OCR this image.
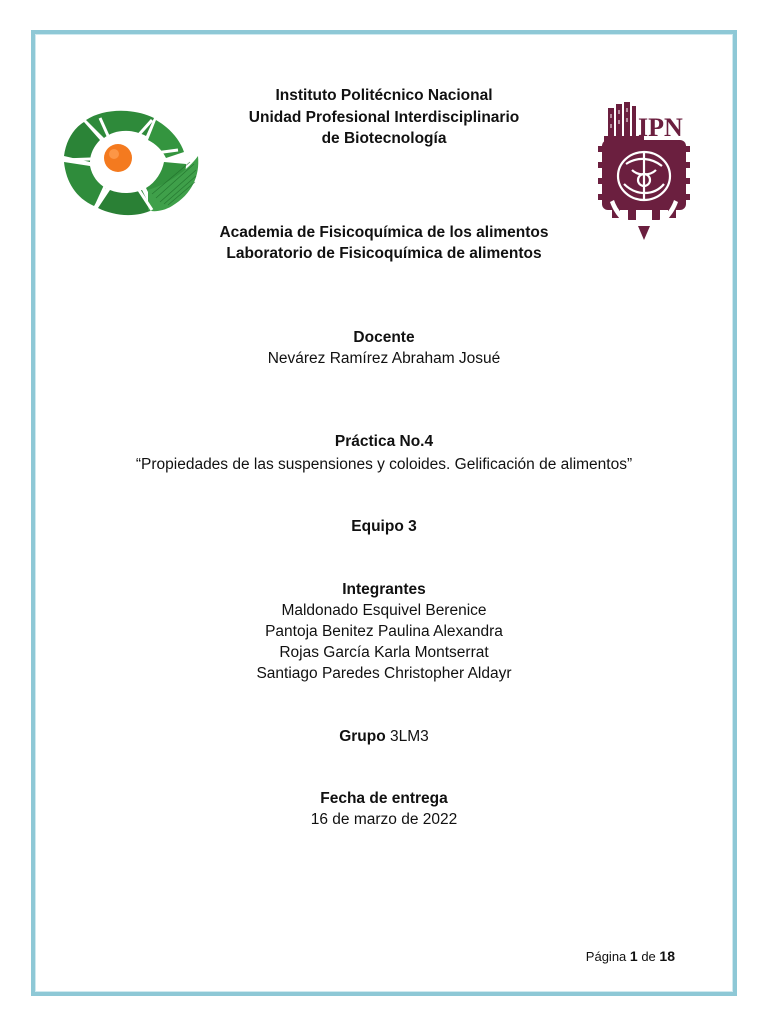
IPN
Instituto Politécnico Nacional
Unidad Profesional Interdisciplinario
de Biotecnología
Academia de Fisicoquímica de los alimentos
Laboratorio de Fisicoquímica de alimentos
Docente
Nevárez Ramírez Abraham Josué
Práctica No.4
“Propiedades de las suspensiones y coloides. Gelificación de alimentos”
Equipo 3
Integrantes
Maldonado Esquivel Berenice
Pantoja Benitez Paulina Alexandra
Rojas García Karla Montserrat
Santiago Paredes Christopher Aldayr
Grupo 3LM3
Fecha de entrega
16 de marzo de 2022
Página 1 de 18
